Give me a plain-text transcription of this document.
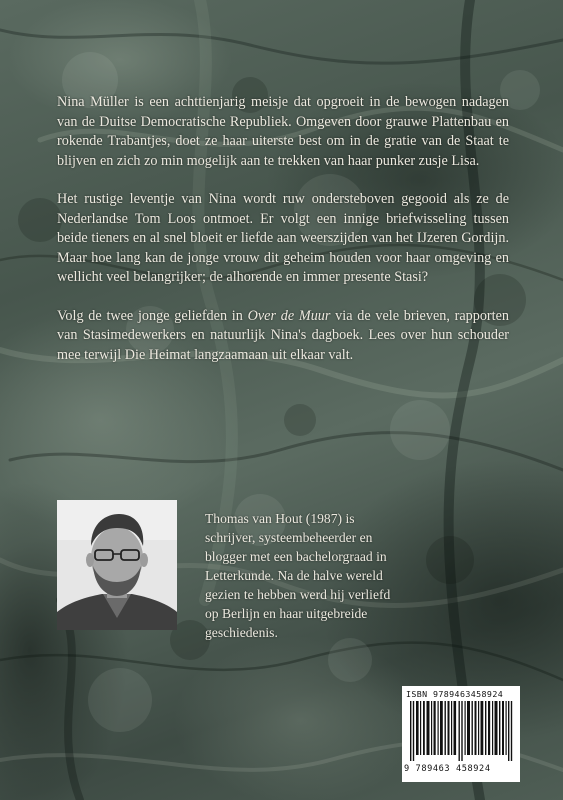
Nina Müller is een achttienjarig meisje dat opgroeit in de bewogen nadagen van de Duitse Democratische Republiek. Omgeven door grauwe Plattenbau en rokende Trabantjes, doet ze haar uiterste best om in de gratie van de Staat te blijven en zich zo min mogelijk aan te trekken van haar punker zusje Lisa.

Het rustige leventje van Nina wordt ruw ondersteboven gegooid als ze de Nederlandse Tom Loos ontmoet. Er volgt een innige briefwisseling tussen beide tieners en al snel bloeit er liefde aan weerszijden van het IJzeren Gordijn. Maar hoe lang kan de jonge vrouw dit geheim houden voor haar omgeving en wellicht veel belangrijker; de alhorende en immer presente Stasi?

Volg de twee jonge geliefden in Over de Muur via de vele brieven, rapporten van Stasimedewerkers en natuurlijk Nina's dagboek. Lees over hun schouder mee terwijl Die Heimat langzaamaan uit elkaar valt.

Thomas van Hout (1987) is schrijver, systeembeheerder en blogger met een bachelorgraad in Letterkunde. Na de halve wereld gezien te hebben werd hij verliefd op Berlijn en haar uitgebreide geschiedenis.
ISBN 9789463458924
9 789463 458924
